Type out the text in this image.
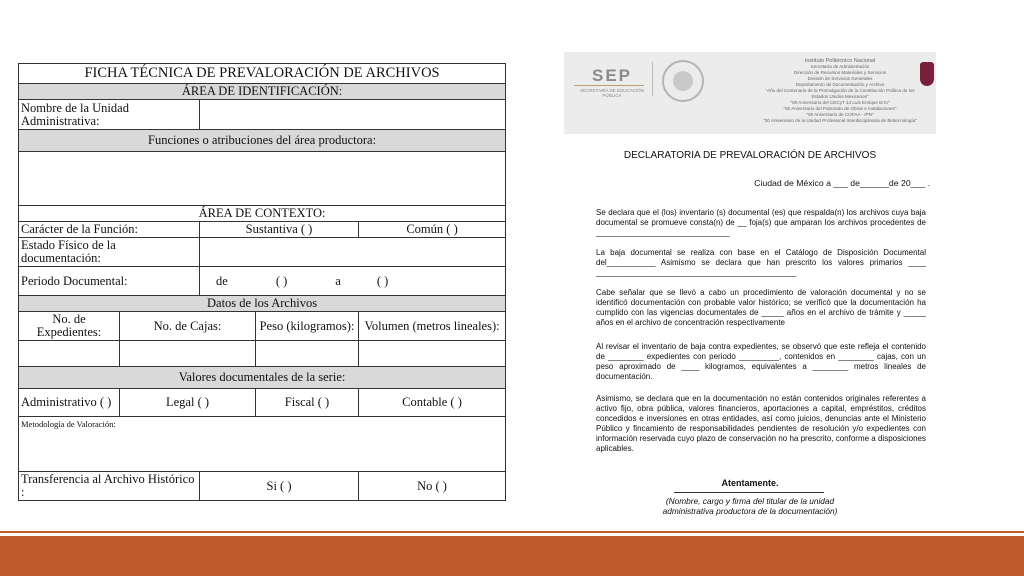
FICHA TÉCNICA DE PREVALORACIÓN DE ARCHIVOS				
ÁREA DE IDENTIFICACIÓN:				
Nombre de la Unidad Administrativa:				
Funciones o atribuciones del área productora:				

ÁREA DE CONTEXTO:				
Carácter de la Función:		Sustantiva ( )		Común ( )
Estado Físico de la documentación:				
Periodo Documental:		de ( ) a ( )		
Datos de los Archivos				
No. de Expedientes:	No. de Cajas:		Peso (kilogramos):	Volumen (metros lineales):

Valores documentales de la serie:				
Administrativo ( )	Legal ( )		Fiscal ( )	Contable ( )
Metodología de Valoración:				
Transferencia al Archivo Histórico :		Si ( )		No ( )
SEP
SECRETARÍA DE EDUCACIÓN PÚBLICA
Instituto Politécnico Nacional
Secretaría de Administración
Dirección de Recursos Materiales y Servicios
División de Servicios Generales
Departamento de Documentación y Archivo
"Año del Centenario de la Promulgación de la Constitución Política de los Estados Unidos Mexicanos"
"80 Aniversario del CECyT 14 Luis Enrique Erro"
"60 Aniversario del Patronato de Obras e Instalaciones"
"50 Aniversario de COFAA - IPN"
"30 Aniversario de la Unidad Profesional Interdisciplinaria de Biotecnología"
DECLARATORIA DE PREVALORACIÓN DE ARCHIVOS
Ciudad de México a ___ de______de 20___ .

Se declara que el (los) inventario (s) documental (es) que respalda(n) los archivos cuya baja documental se promueve consta(n) de __ foja(s) que amparan los archivos procedentes de ______________________________

La baja documental se realiza con base en el Catálogo de Disposición Documental del___________ Asimismo se declara que han prescrito los valores primarios ____ _____________________________________________

Cabe señalar que se llevó a cabo un procedimiento de valoración documental y no se identificó documentación con probable valor histórico; se verificó que la documentación ha cumplido con las vigencias documentales de _____ años en el archivo de trámite y _____ años en el archivo de concentración respectivamente

Al revisar el inventario de baja contra expedientes, se observó que este refleja el contenido de ________ expedientes con periodo _________, contenidos en ________ cajas, con un peso aproximado de ____ kilogramos, equivalentes a ________ metros lineales de documentación.

Asimismo, se declara que en la documentación no están contenidos originales referentes a activo fijo, obra pública, valores financieros, aportaciones a capital, empréstitos, créditos concedidos e inversiones en otras entidades, así como juicios, denuncias ante el Ministerio Público y fincamiento de responsabilidades pendientes de resolución y/o expedientes con información reservada cuyo plazo de conservación no ha prescrito, conforme a disposiciones aplicables.

Atentamente.
(Nombre, cargo y firma del titular de la unidad
administrativa productora de la documentación)
